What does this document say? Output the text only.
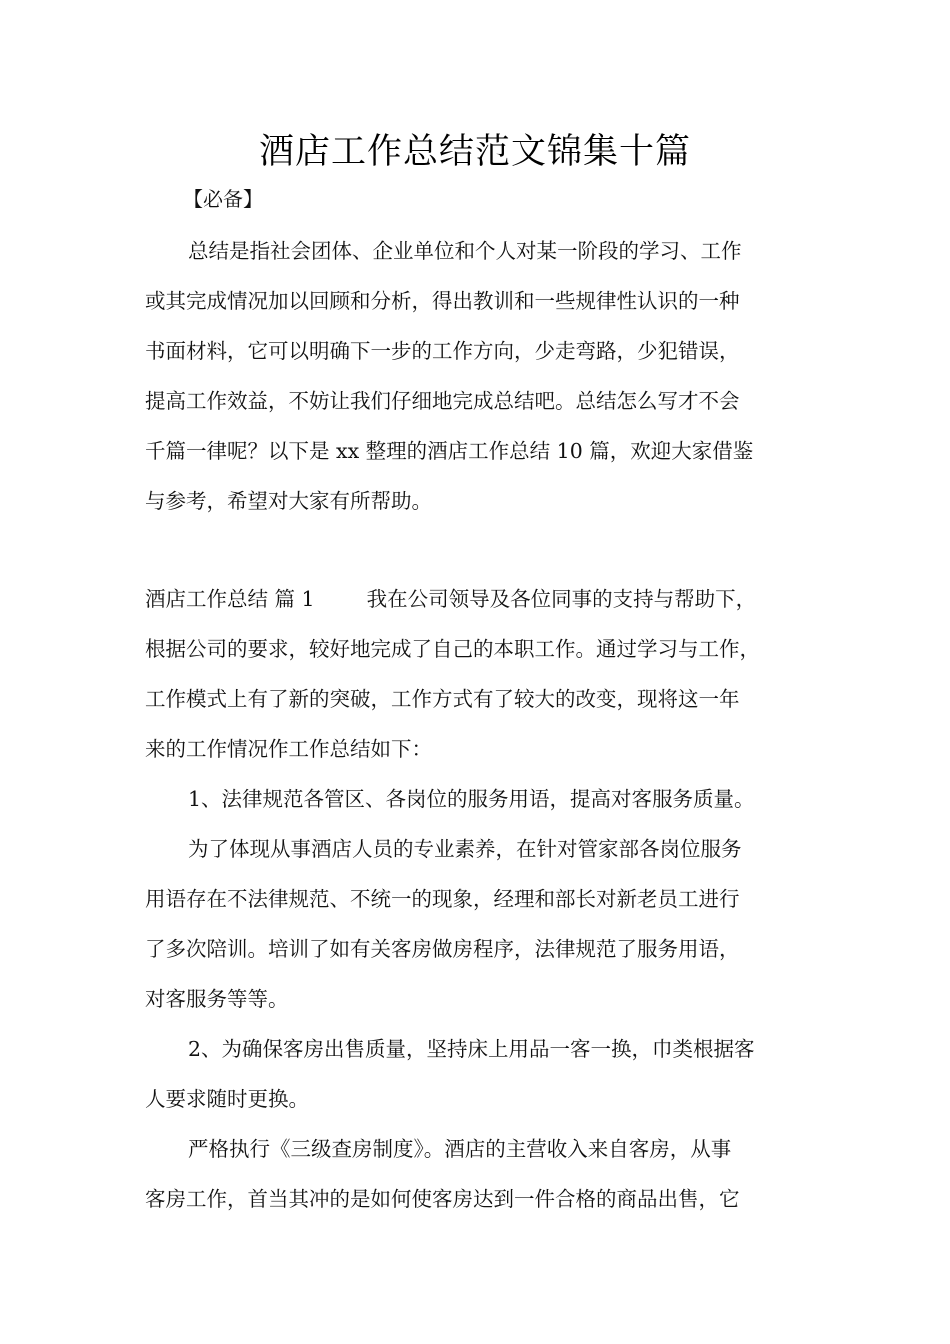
酒店工作总结范文锦集十篇
【必备】
总结是指社会团体、企业单位和个人对某一阶段的学习、工作
或其完成情况加以回顾和分析，得出教训和一些规律性认识的一种
书面材料，它可以明确下一步的工作方向，少走弯路，少犯错误，
提高工作效益，不妨让我们仔细地完成总结吧。总结怎么写才不会
千篇一律呢？以下是 xx 整理的酒店工作总结 10 篇，欢迎大家借鉴
与参考，希望对大家有所帮助。
酒店工作总结 篇 1	我在公司领导及各位同事的支持与帮助下，
根据公司的要求，较好地完成了自己的本职工作。通过学习与工作，
工作模式上有了新的突破，工作方式有了较大的改变，现将这一年
来的工作情况作工作总结如下：
1、法律规范各管区、各岗位的服务用语，提高对客服务质量。
为了体现从事酒店人员的专业素养，在针对管家部各岗位服务
用语存在不法律规范、不统一的现象，经理和部长对新老员工进行
了多次陪训。培训了如有关客房做房程序，法律规范了服务用语，
对客服务等等。
2、为确保客房出售质量，坚持床上用品一客一换，巾类根据客
人要求随时更换。
严格执行《三级查房制度》。酒店的主营收入来自客房，从事
客房工作，首当其冲的是如何使客房达到一件合格的商品出售，它
